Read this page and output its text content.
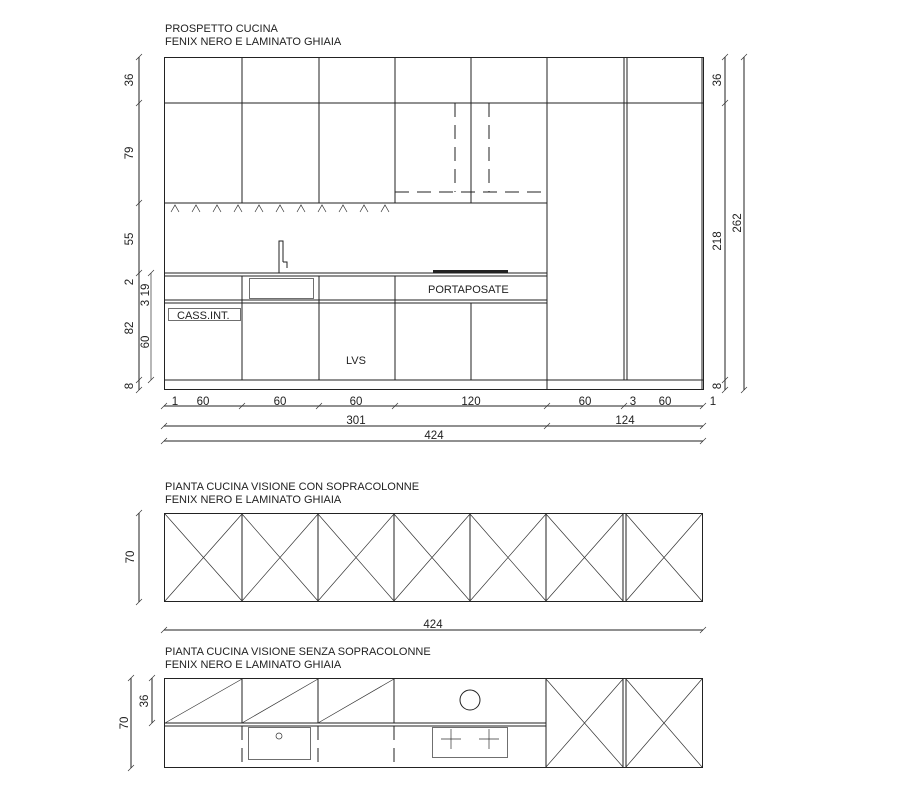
PROSPETTO CUCINA
FENIX NERO E LAMINATO GHIAIA
PORTAPOSATE
CASS.INT.
LVS
36
79
55
2
3
19
82
60
8
36
218
8
262
1 60	60	60	120	60	3 60	1
301	124
424
PIANTA CUCINA VISIONE CON SOPRACOLONNE
FENIX NERO E LAMINATO GHIAIA
70
424
PIANTA CUCINA VISIONE SENZA SOPRACOLONNE
FENIX NERO E LAMINATO GHIAIA
70
36
